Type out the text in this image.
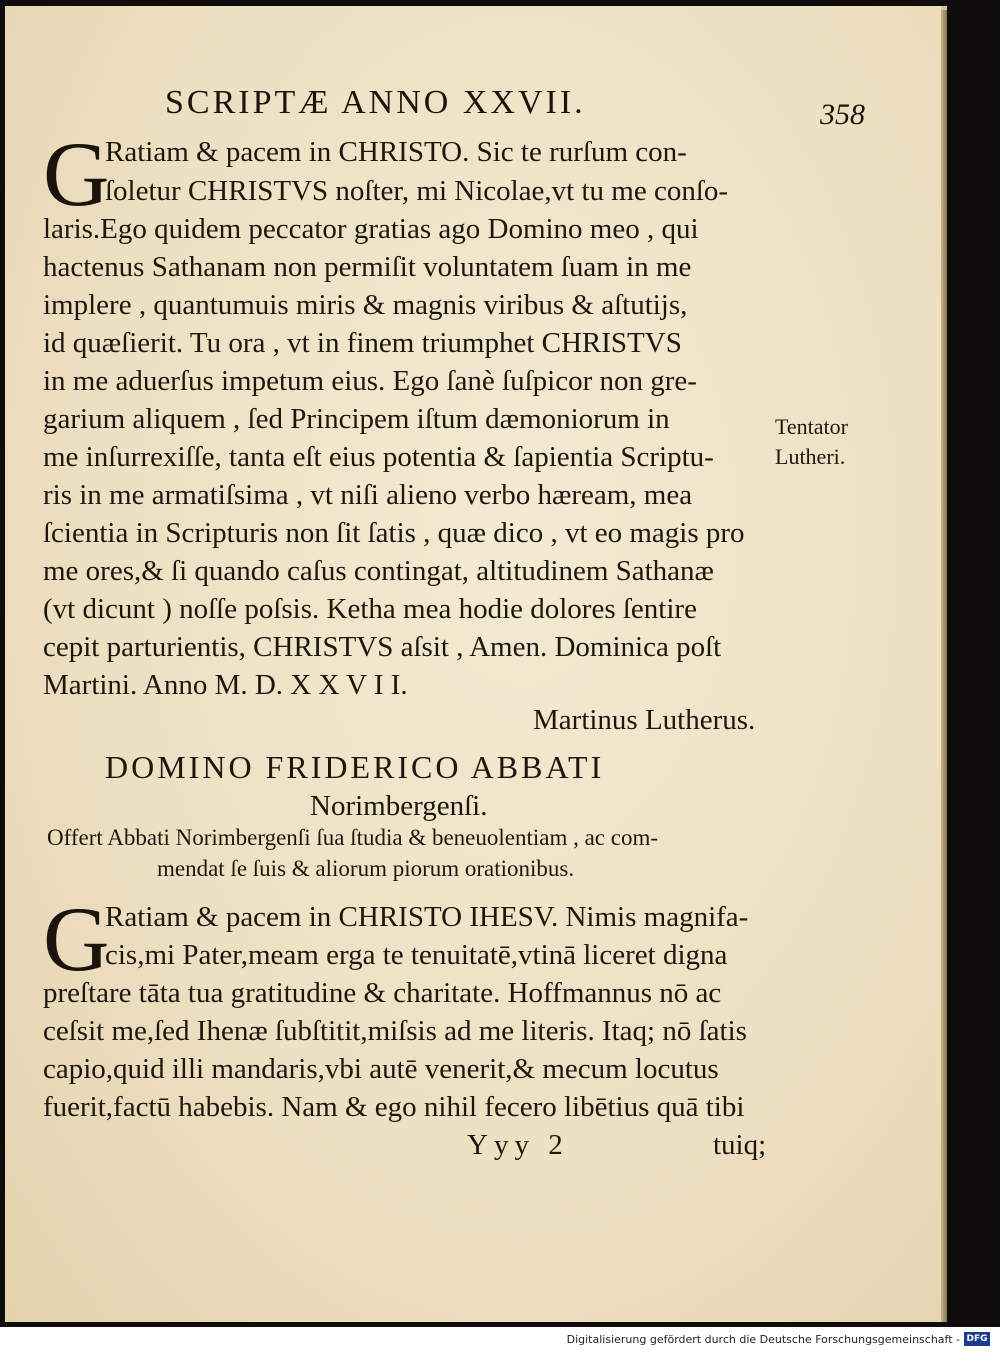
SCRIPTÆ ANNO XXVII.	358
G
Ratiam & pacem in CHRISTO. Sic te rurſum con-
ſoletur CHRISTVS noſter, mi Nicolae,vt tu me conſo-
laris.Ego quidem peccator gratias ago Domino meo , qui
hactenus Sathanam non permiſit voluntatem ſuam in me
implere , quantumuis miris & magnis viribus & aſtutijs,
id quæſierit. Tu ora , vt in finem triumphet CHRISTVS
in me aduerſus impetum eius. Ego ſanè ſuſpicor non gre-
garium aliquem , ſed Principem iſtum dæmoniorum in
me inſurrexiſſe, tanta eſt eius potentia & ſapientia Scriptu-
ris in me armatiſsima , vt niſi alieno verbo hæream, mea
ſcientia in Scripturis non ſit ſatis , quæ dico , vt eo magis pro
me ores,& ſi quando caſus contingat, altitudinem Sathanæ
(vt dicunt ) noſſe poſsis. Ketha mea hodie dolores ſentire
cepit parturientis, CHRISTVS aſsit , Amen. Dominica poſt
Martini. Anno M. D. X X V I I.
Tentator
Lutheri.
Martinus Lutherus.
DOMINO FRIDERICO ABBATI
Norimbergenſi.
Offert Abbati Norimbergenſi ſua ſtudia & beneuolentiam , ac com-
mendat ſe ſuis & aliorum piorum orationibus.
G
Ratiam & pacem in CHRISTO IHESV. Nimis magnifa-
cis,mi Pater,meam erga te tenuitatē,vtinā liceret digna
preſtare tāta tua gratitudine & charitate. Hoffmannus nō ac
ceſsit me,ſed Ihenæ ſubſtitit,miſsis ad me literis. Itaq; nō ſatis
capio,quid illi mandaris,vbi autē venerit,& mecum locutus
fuerit,factū habebis. Nam & ego nihil fecero libētius quā tibi
Yyy 2	tuiq;
Digitalisierung gefördert durch die Deutsche Forschungsgemeinschaft - DFG
